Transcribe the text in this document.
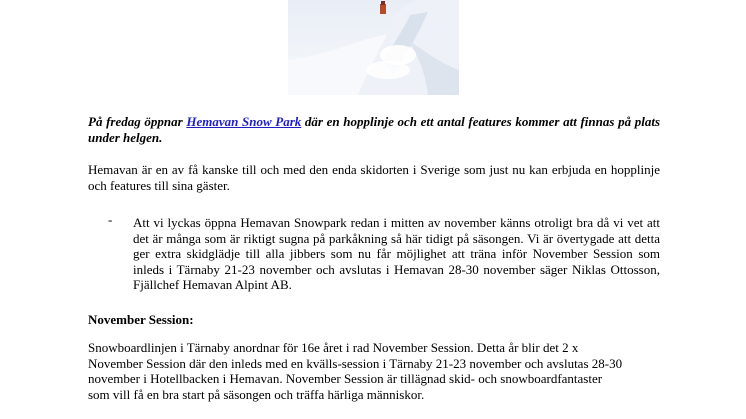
På fredag öppnar Hemavan Snow Park där en hopplinje och ett antal features kommer att finnas på plats under helgen.

Hemavan är en av få kanske till och med den enda skidorten i Sverige som just nu kan erbjuda en hopplinje och features till sina gäster.

- Att vi lyckas öppna Hemavan Snowpark redan i mitten av november känns otroligt bra då vi vet att det är många som är riktigt sugna på parkåkning så här tidigt på säsongen. Vi är övertygade att detta ger extra skidglädje till alla jibbers som nu får möjlighet att träna inför November Session som inleds i Tärnaby 21-23 november och avslutas i Hemavan 28-30 november säger Niklas Ottosson, Fjällchef Hemavan Alpint AB.

November Session:

Snowboardlinjen i Tärnaby anordnar för 16e året i rad November Session. Detta år blir det 2 x
November Session där den inleds med en kvälls-session i Tärnaby 21-23 november och avslutas 28-30
november i Hotellbacken i Hemavan. November Session är tillägnad skid- och snowboardfantaster
som vill få en bra start på säsongen och träffa härliga människor.
